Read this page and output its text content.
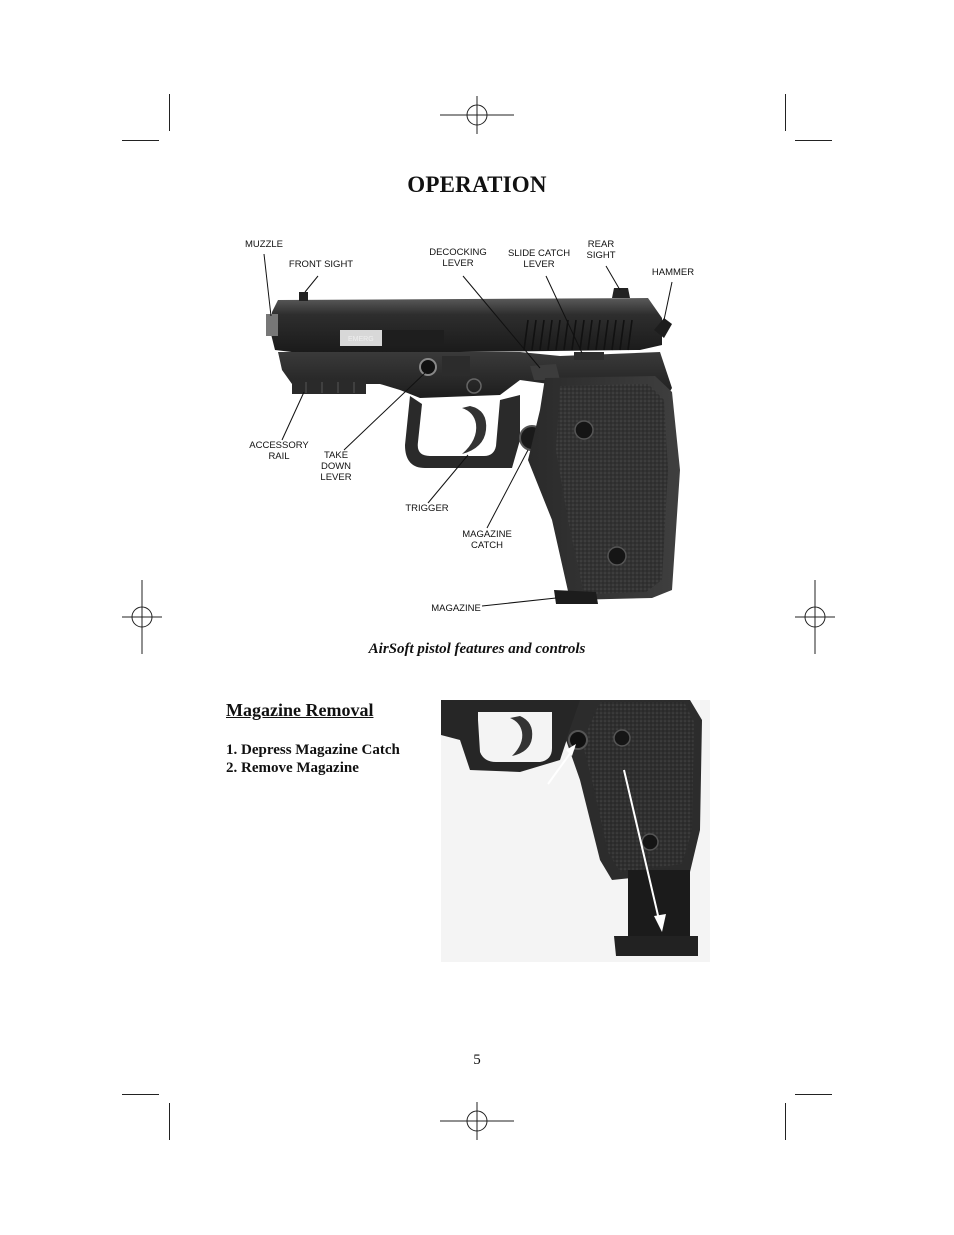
OPERATION
EMERG
MUZZLE
FRONT SIGHT
DECOCKING
LEVER
SLIDE CATCH
LEVER
REAR
SIGHT
HAMMER
ACCESSORY
RAIL	TAKE
DOWN
LEVER
TRIGGER
MAGAZINE
CATCH
MAGAZINE
AirSoft pistol features and controls
Magazine Removal
1. Depress Magazine Catch
2. Remove Magazine
5
